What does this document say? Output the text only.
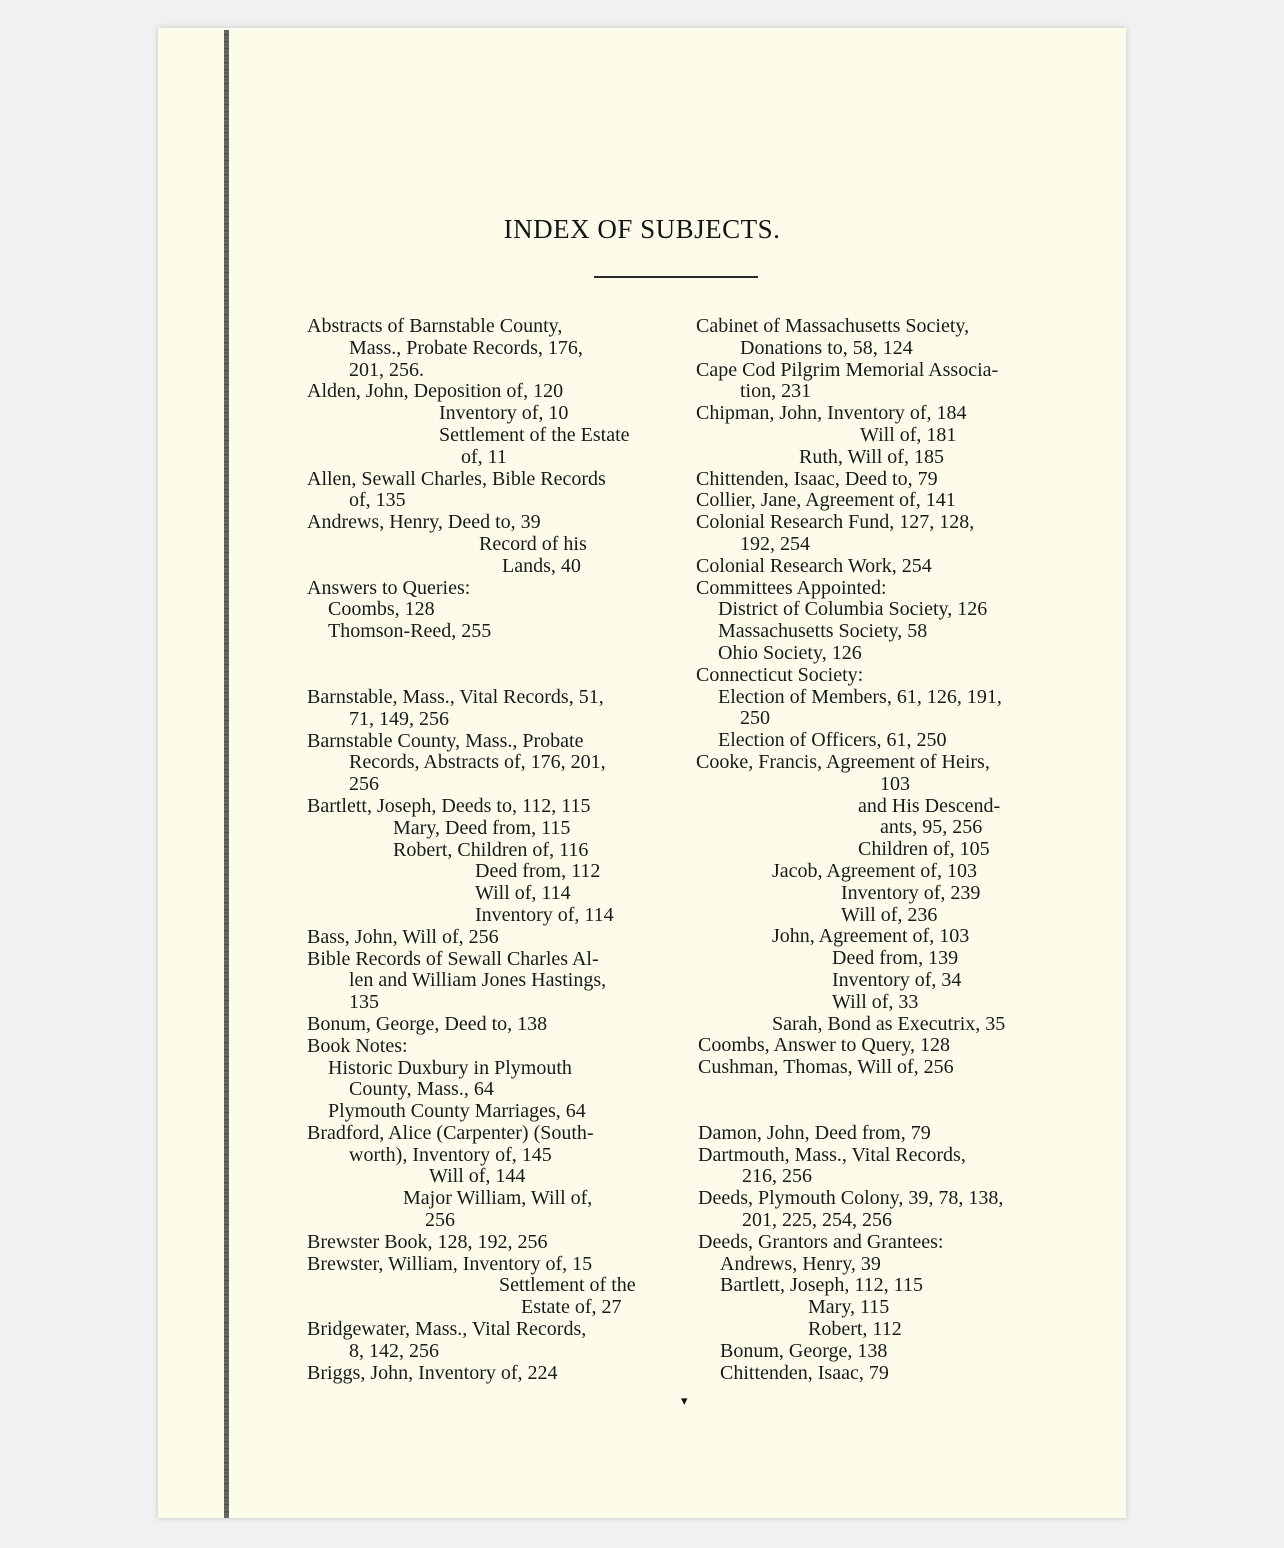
INDEX OF SUBJECTS.
Abstracts of Barnstable County,
Mass., Probate Records, 176,
201, 256.
Alden, John, Deposition of, 120
Inventory of, 10
Settlement of the Estate
of, 11
Allen, Sewall Charles, Bible Records
of, 135
Andrews, Henry, Deed to, 39
Record of his
Lands, 40
Answers to Queries:
Coombs, 128
Thomson-Reed, 255
Barnstable, Mass., Vital Records, 51,
71, 149, 256
Barnstable County, Mass., Probate
Records, Abstracts of, 176, 201,
256
Bartlett, Joseph, Deeds to, 112, 115
Mary, Deed from, 115
Robert, Children of, 116
Deed from, 112
Will of, 114
Inventory of, 114
Bass, John, Will of, 256
Bible Records of Sewall Charles Al-
len and William Jones Hastings,
135
Bonum, George, Deed to, 138
Book Notes:
Historic Duxbury in Plymouth
County, Mass., 64
Plymouth County Marriages, 64
Bradford, Alice (Carpenter) (South-
worth), Inventory of, 145
Will of, 144
Major William, Will of,
256
Brewster Book, 128, 192, 256
Brewster, William, Inventory of, 15
Settlement of the
Estate of, 27
Bridgewater, Mass., Vital Records,
8, 142, 256
Briggs, John, Inventory of, 224
Cabinet of Massachusetts Society,
Donations to, 58, 124
Cape Cod Pilgrim Memorial Associa-
tion, 231
Chipman, John, Inventory of, 184
Will of, 181
Ruth, Will of, 185
Chittenden, Isaac, Deed to, 79
Collier, Jane, Agreement of, 141
Colonial Research Fund, 127, 128,
192, 254
Colonial Research Work, 254
Committees Appointed:
District of Columbia Society, 126
Massachusetts Society, 58
Ohio Society, 126
Connecticut Society:
Election of Members, 61, 126, 191,
250
Election of Officers, 61, 250
Cooke, Francis, Agreement of Heirs,
103
and His Descend-
ants, 95, 256
Children of, 105
Jacob, Agreement of, 103
Inventory of, 239
Will of, 236
John, Agreement of, 103
Deed from, 139
Inventory of, 34
Will of, 33
Sarah, Bond as Executrix, 35
Coombs, Answer to Query, 128
Cushman, Thomas, Will of, 256
Damon, John, Deed from, 79
Dartmouth, Mass., Vital Records,
216, 256
Deeds, Plymouth Colony, 39, 78, 138,
201, 225, 254, 256
Deeds, Grantors and Grantees:
Andrews, Henry, 39
Bartlett, Joseph, 112, 115
Mary, 115
Robert, 112
Bonum, George, 138
Chittenden, Isaac, 79
▾
